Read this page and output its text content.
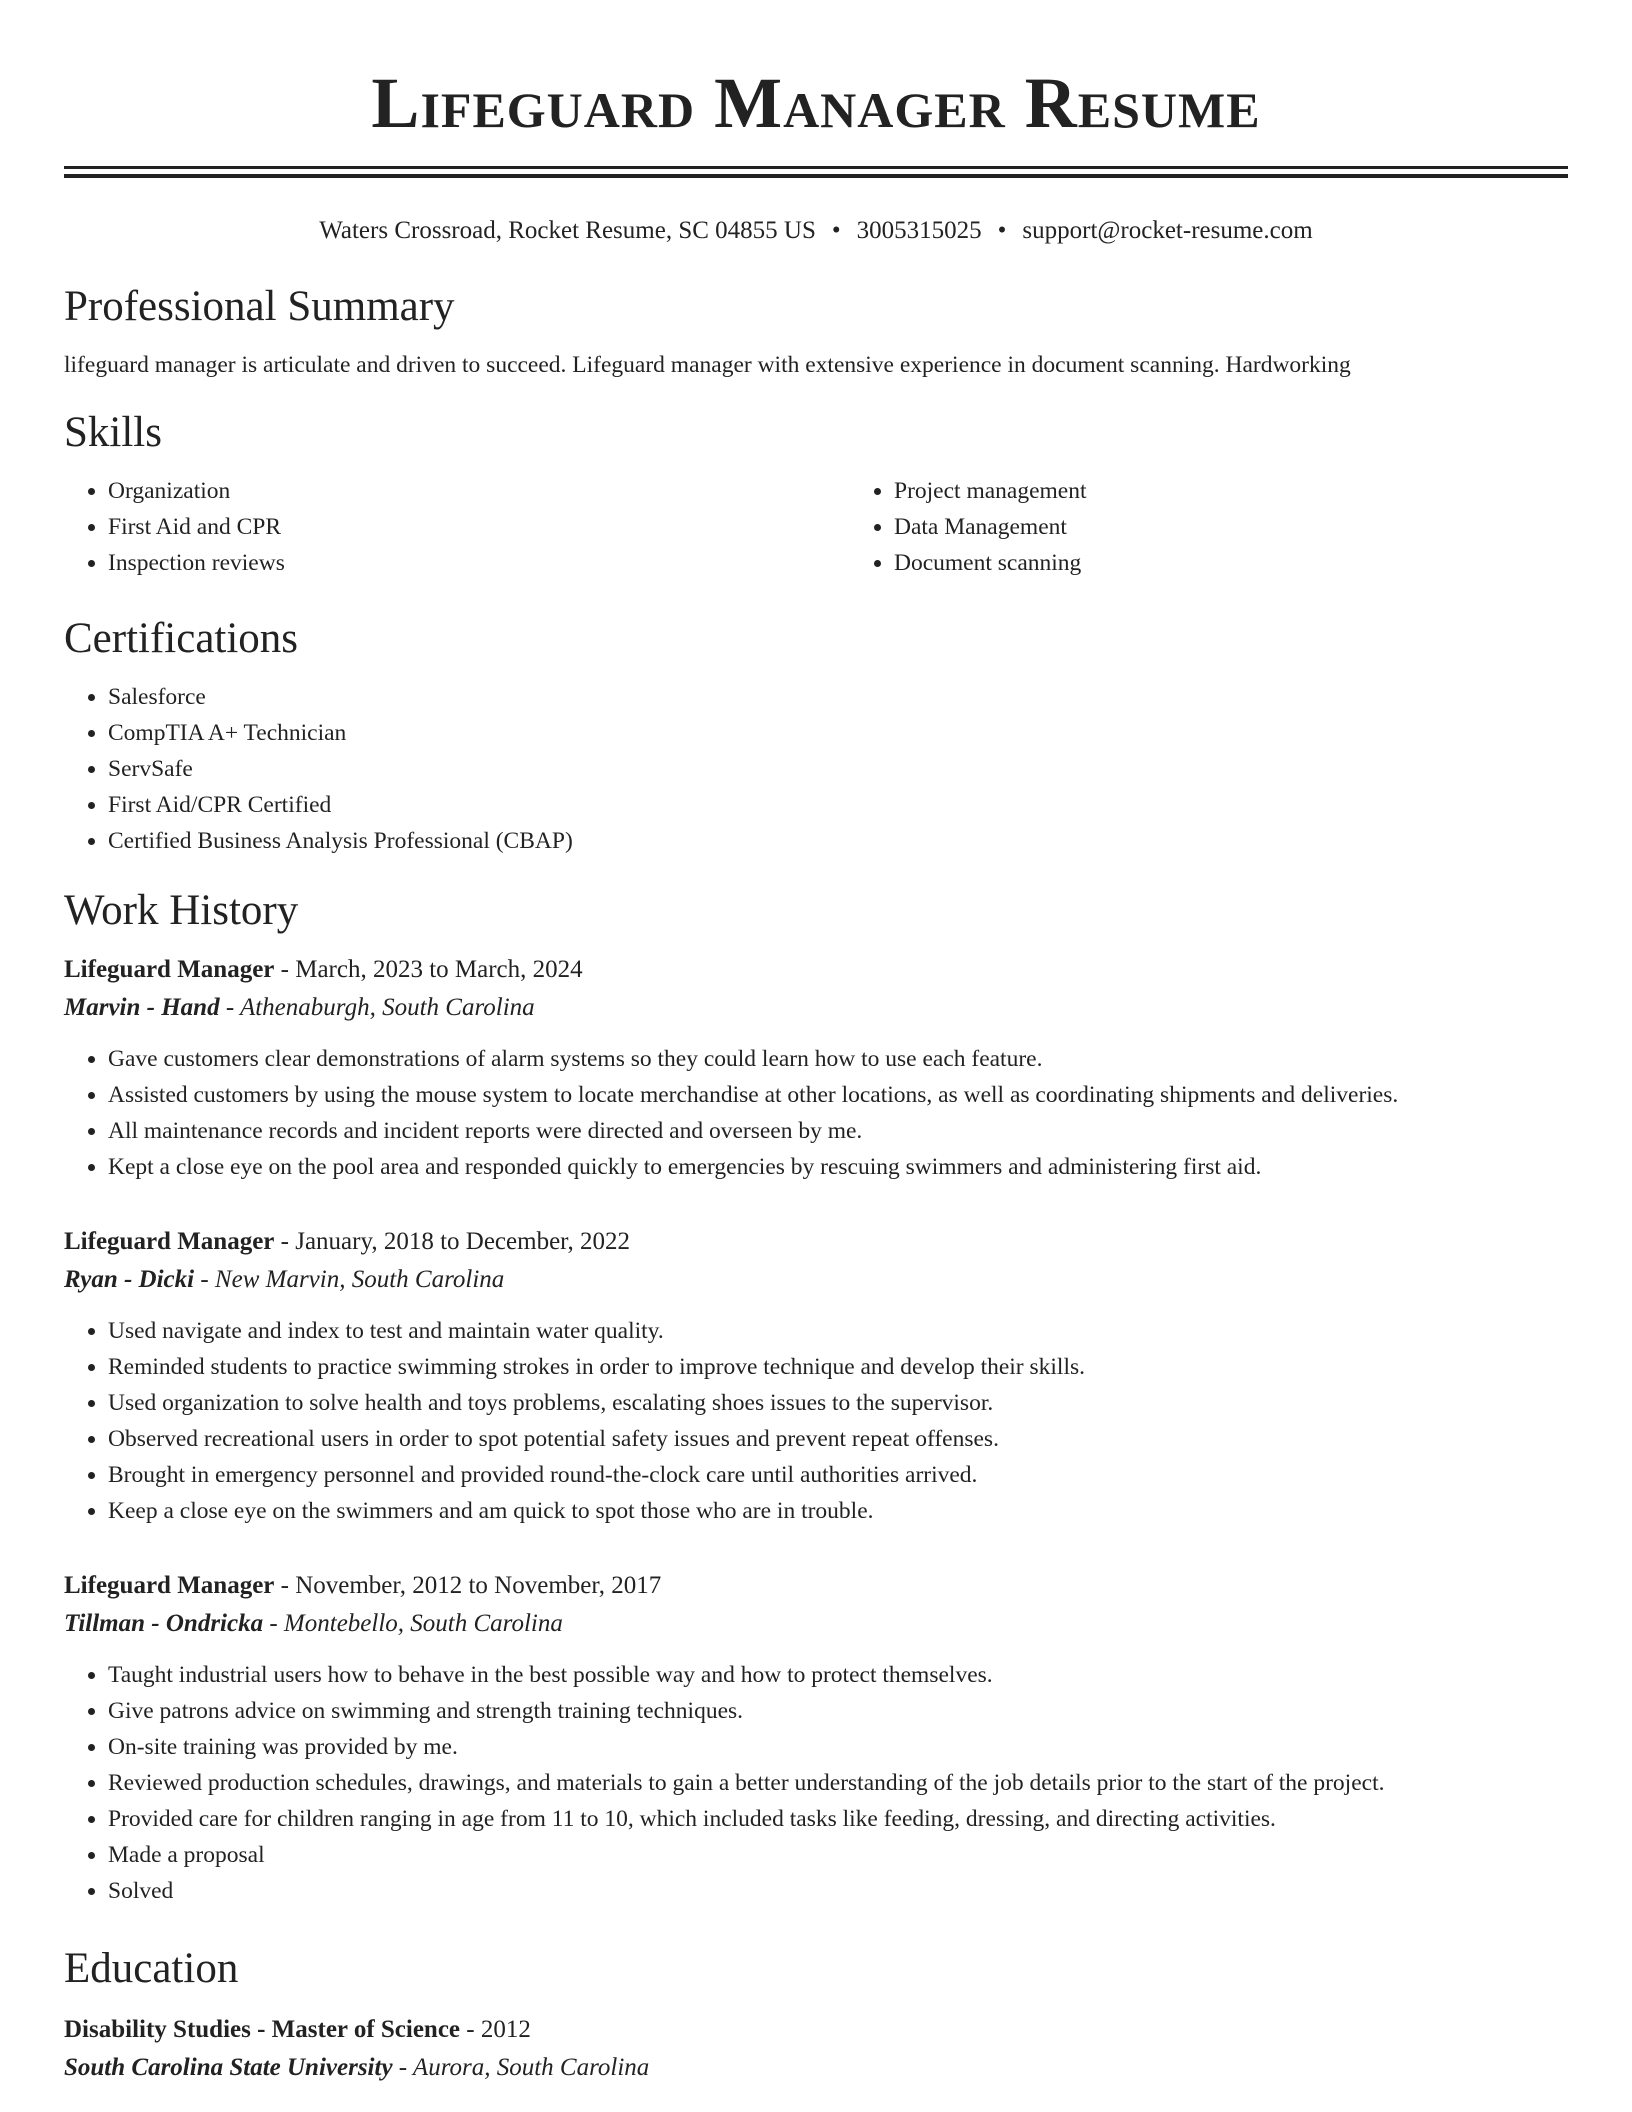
Lifeguard Manager Resume
Waters Crossroad, Rocket Resume, SC 04855 US • 3005315025 • support@rocket-resume.com
Professional Summary
lifeguard manager is articulate and driven to succeed. Lifeguard manager with extensive experience in document scanning. Hardworking
Skills
• Organization
• First Aid and CPR
• Inspection reviews
• Project management
• Data Management
• Document scanning
Certifications
• Salesforce
• CompTIA A+ Technician
• ServSafe
• First Aid/CPR Certified
• Certified Business Analysis Professional (CBAP)
Work History
Lifeguard Manager - March, 2023 to March, 2024
Marvin - Hand - Athenaburgh, South Carolina
• Gave customers clear demonstrations of alarm systems so they could learn how to use each feature.
• Assisted customers by using the mouse system to locate merchandise at other locations, as well as coordinating shipments and deliveries.
• All maintenance records and incident reports were directed and overseen by me.
• Kept a close eye on the pool area and responded quickly to emergencies by rescuing swimmers and administering first aid.
Lifeguard Manager - January, 2018 to December, 2022
Ryan - Dicki - New Marvin, South Carolina
• Used navigate and index to test and maintain water quality.
• Reminded students to practice swimming strokes in order to improve technique and develop their skills.
• Used organization to solve health and toys problems, escalating shoes issues to the supervisor.
• Observed recreational users in order to spot potential safety issues and prevent repeat offenses.
• Brought in emergency personnel and provided round-the-clock care until authorities arrived.
• Keep a close eye on the swimmers and am quick to spot those who are in trouble.
Lifeguard Manager - November, 2012 to November, 2017
Tillman - Ondricka - Montebello, South Carolina
• Taught industrial users how to behave in the best possible way and how to protect themselves.
• Give patrons advice on swimming and strength training techniques.
• On-site training was provided by me.
• Reviewed production schedules, drawings, and materials to gain a better understanding of the job details prior to the start of the project.
• Provided care for children ranging in age from 11 to 10, which included tasks like feeding, dressing, and directing activities.
• Made a proposal
• Solved
Education
Disability Studies - Master of Science - 2012
South Carolina State University - Aurora, South Carolina
